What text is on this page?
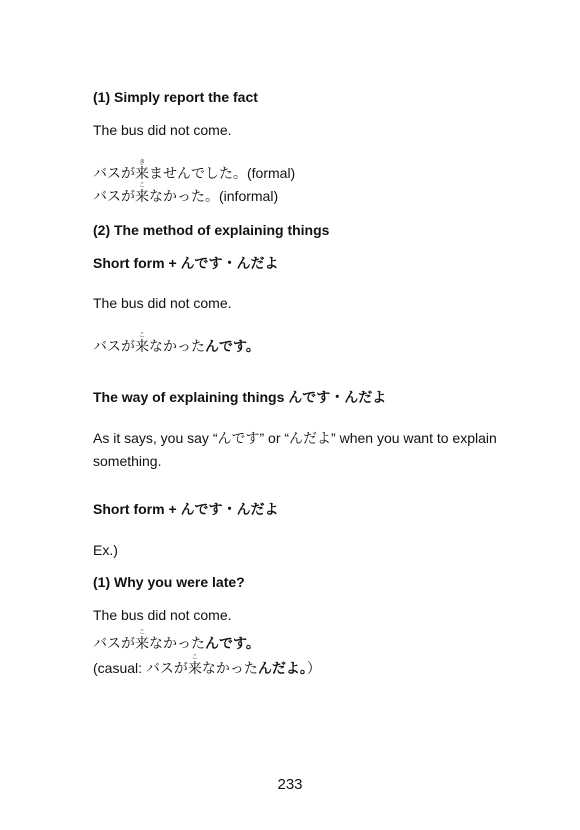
(1) Simply report the fact
The bus did not come.
バスが来きませんでした。(formal)
バスが来こなかった。(informal)
(2) The method of explaining things
Short form + んです・んだよ
The bus did not come.
バスが来こなかったんです。
The way of explaining things んです・んだよ
As it says, you say “んです” or “んだよ” when you want to explain
something.
Short form + んです・んだよ
Ex.)
(1) Why you were late?
The bus did not come.
バスが来こなかったんです。
(casual: バスが来こなかったんだよ。）
233
